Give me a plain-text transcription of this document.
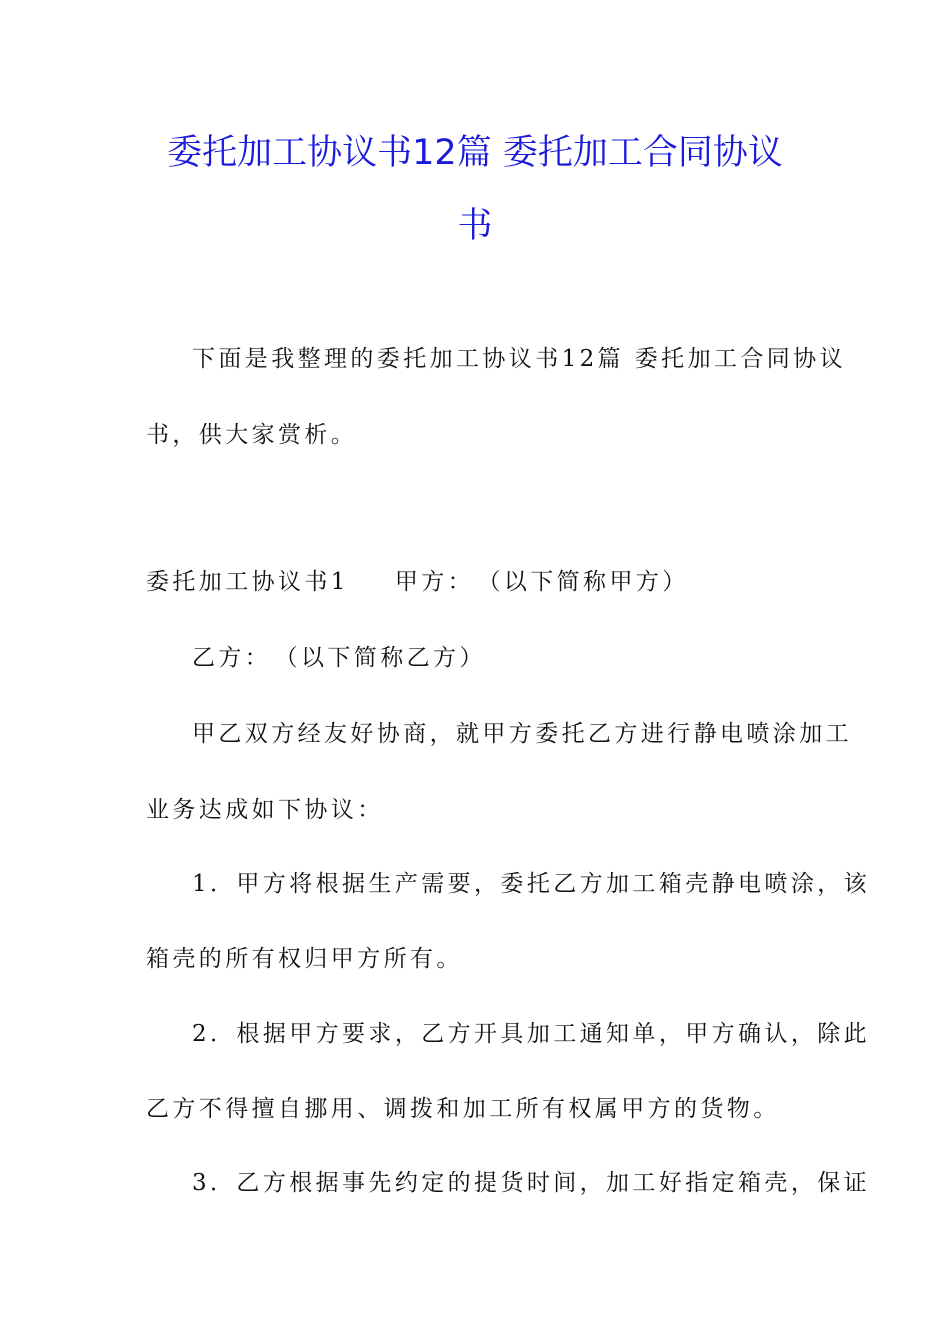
委托加工协议书12篇 委托加工合同协议
书

下面是我整理的委托加工协议书12篇 委托加工合同协议

书，供大家赏析。

委托加工协议书1 甲方：　（以下简称甲方）

乙方：　（以下简称乙方）

甲乙双方经友好协商，就甲方委托乙方进行静电喷涂加工

业务达成如下协议：

1．甲方将根据生产需要，委托乙方加工箱壳静电喷涂，该

箱壳的所有权归甲方所有。

2．根据甲方要求，乙方开具加工通知单，甲方确认，除此

乙方不得擅自挪用、调拨和加工所有权属甲方的货物。

3．乙方根据事先约定的提货时间，加工好指定箱壳，保证
